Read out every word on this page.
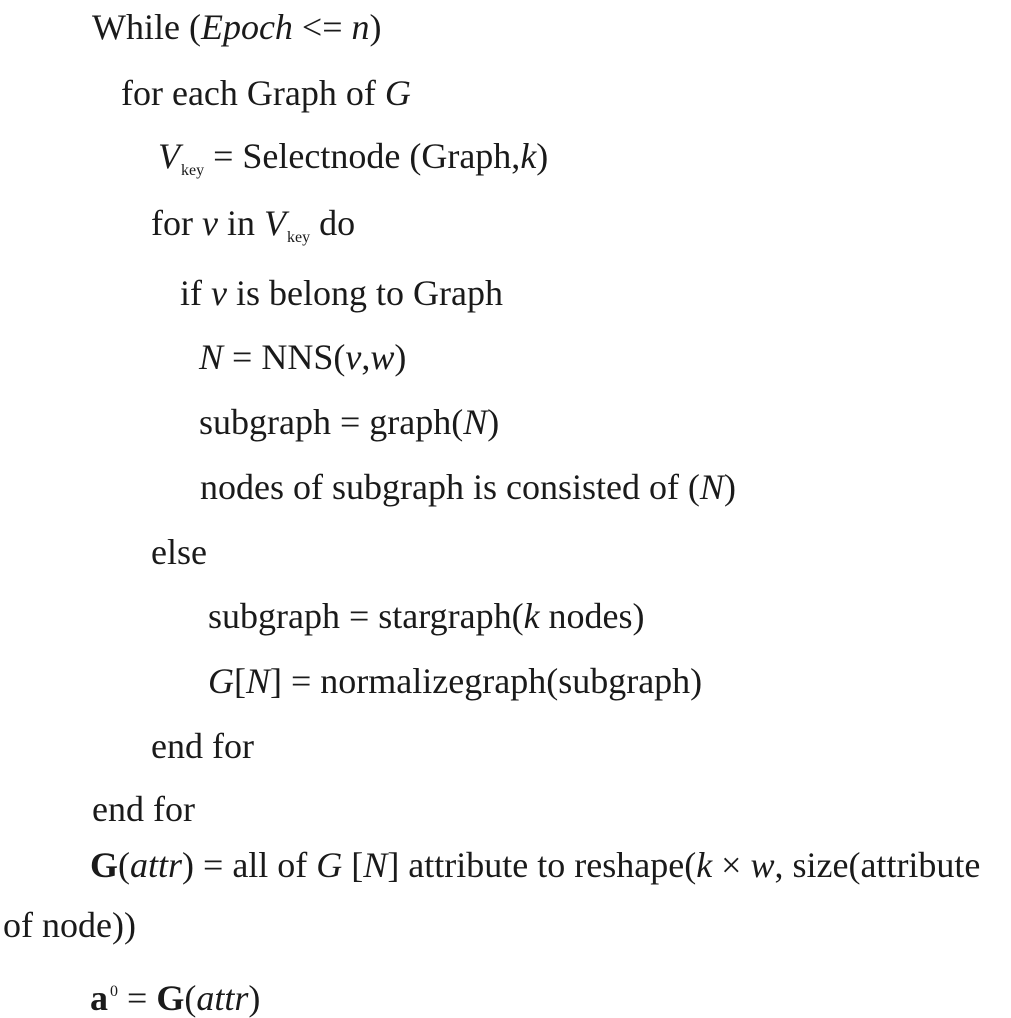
While (Epoch <= n)
for each Graph of G
$V_{key}$ = Selectnode (Graph,k)
for v in $V_{key}$ do
if v is belong to Graph
N = NNS(v,w)
subgraph = graph(N)
nodes of subgraph is consisted of (N)
else
subgraph = stargraph(k nodes)
G[N] = normalizegraph(subgraph)
end for
end for
G(attr) = all of G [N] attribute to reshape(k × w, size(attribute
of node))
a $^0$ = G(attr)
